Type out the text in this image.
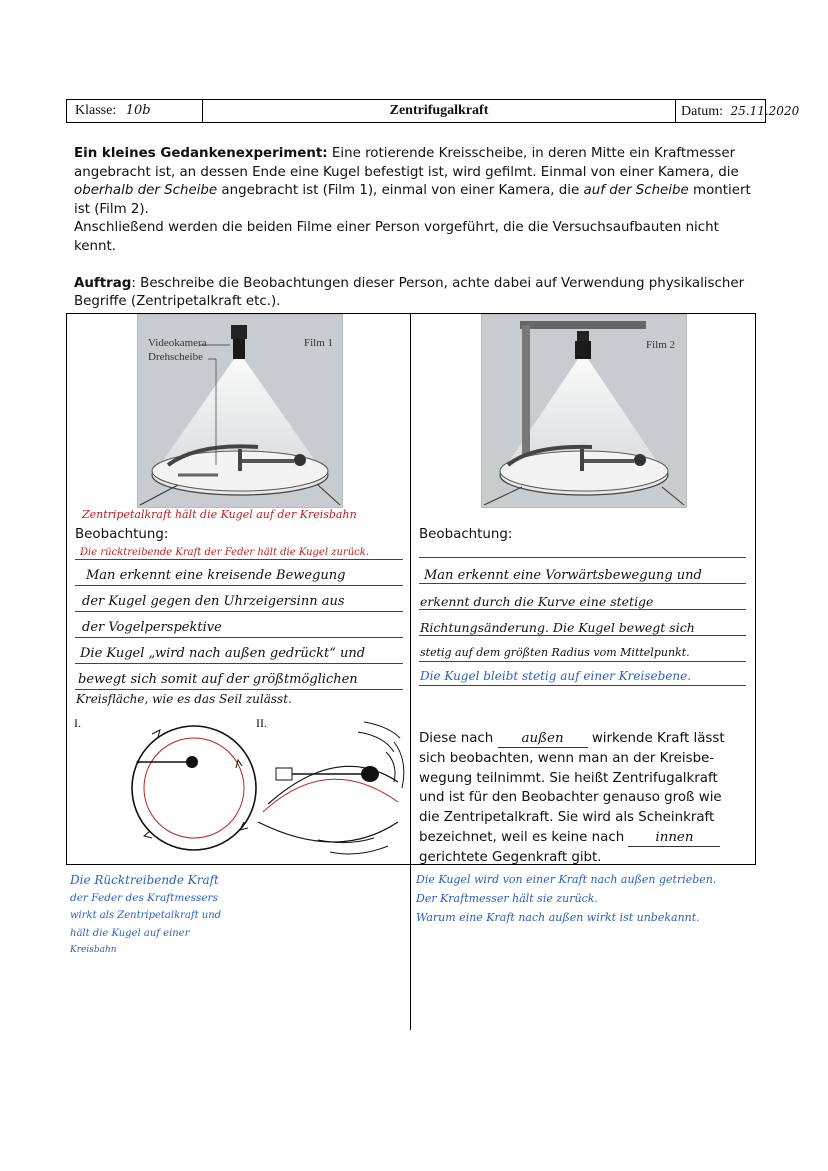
Klasse: 10b	Zentrifugalkraft	Datum: 25.11.2020
Ein kleines Gedankenexperiment: Eine rotierende Kreisscheibe, in deren Mitte ein Kraftmesser angebracht ist, an dessen Ende eine Kugel befestigt ist, wird gefilmt. Einmal von einer Kamera, die oberhalb der Scheibe angebracht ist (Film 1), einmal von einer Kamera, die auf der Scheibe montiert ist (Film 2).
Anschließend werden die beiden Filme einer Person vorgeführt, die die Versuchsaufbauten nicht kennt.
Auftrag: Beschreibe die Beobachtungen dieser Person, achte dabei auf Verwendung physikalischer Begriffe (Zentripetalkraft etc.).
Videokamera
Drehscheibe
Film 1	Film 2
Zentripetalkraft hält die Kugel auf der Kreisbahn
Beobachtung:
Die rücktreibende Kraft der Feder hält die Kugel zurück.
Man erkennt eine kreisende Bewegung
der Kugel gegen den Uhrzeigersinn aus
der Vogelperspektive
Die Kugel „wird nach außen gedrückt“ und
bewegt sich somit auf der größtmöglichen
Kreisfläche, wie es das Seil zulässt.
I.	II.
Die Rücktreibende Kraft
der Feder des Kraftmessers
wirkt als Zentripetalkraft und
hält die Kugel auf einer
Kreisbahn
Beobachtung:
Man erkennt eine Vorwärtsbewegung und
erkennt durch die Kurve eine stetige
Richtungsänderung. Die Kugel bewegt sich
stetig auf dem größten Radius vom Mittelpunkt.
Die Kugel bleibt stetig auf einer Kreisebene.
Diese nach außen wirkende Kraft lässt
sich beobachten, wenn man an der Kreisbe-
wegung teilnimmt. Sie heißt Zentrifugalkraft
und ist für den Beobachter genauso groß wie
die Zentripetalkraft. Sie wird als Scheinkraft
bezeichnet, weil es keine nach innen
gerichtete Gegenkraft gibt.
Die Kugel wird von einer Kraft nach außen getrieben.
Der Kraftmesser hält sie zurück.
Warum eine Kraft nach außen wirkt ist unbekannt.
